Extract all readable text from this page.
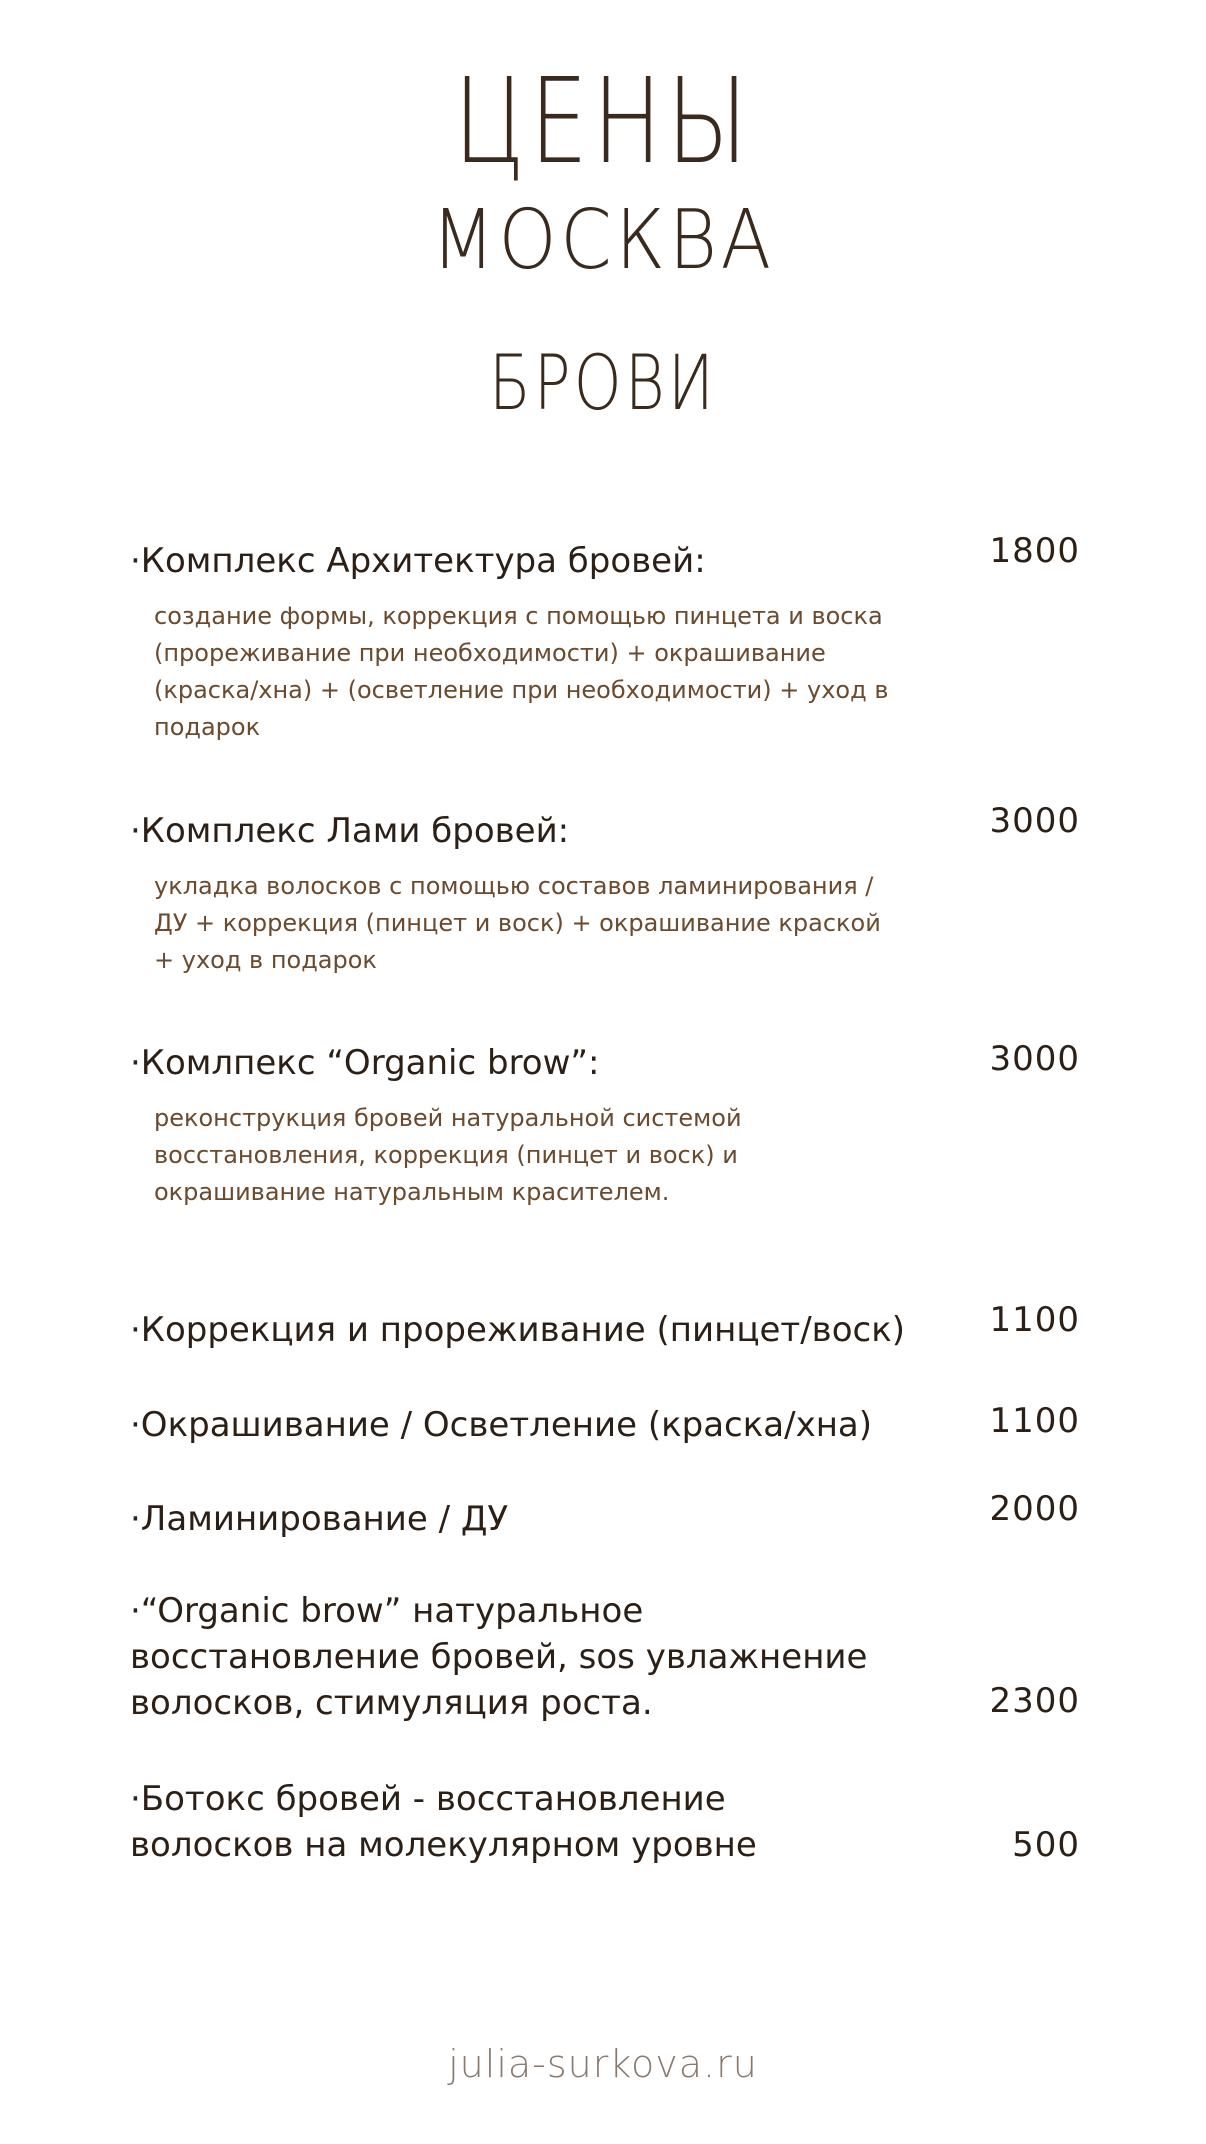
ЦЕНЫ
МОСКВА
БРОВИ
·Комплекс Архитектура бровей:	1800
создание формы, коррекция с помощью пинцета и воска (прореживание при необходимости) + окрашивание (краска/хна) + (осветление при необходимости) + уход в подарок
·Комплекс Лами бровей:	3000
укладка волосков с помощью составов ламинирования /ДУ + коррекция (пинцет и воск) + окрашивание краской + уход в подарок
·Комлпекс “Organic brow”:	3000
реконструкция бровей натуральной системой восстановления, коррекция (пинцет и воск) и окрашивание натуральным красителем.
·Коррекция и прореживание (пинцет/воск)	1100
·Окрашивание / Осветление (краска/хна)	1100
·Ламинирование / ДУ	2000
·“Organic brow” натуральное восстановление бровей, sos увлажнение волосков, стимуляция роста.	2300
·Ботокс бровей - восстановление волосков на молекулярном уровне	500
julia-surkova.ru
